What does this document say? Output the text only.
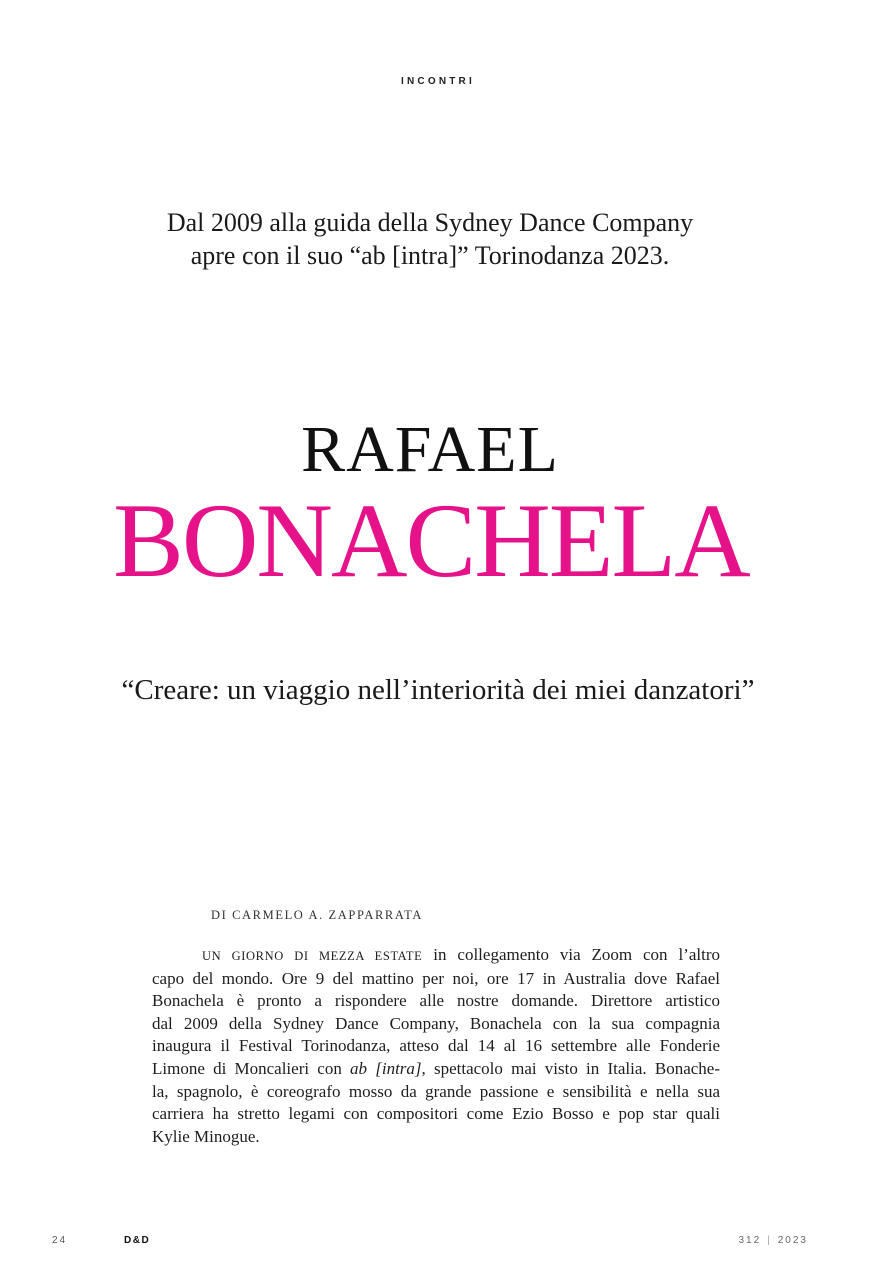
INCONTRI
Dal 2009 alla guida della Sydney Dance Company
apre con il suo “ab [intra]” Torinodanza 2023.
RAFAEL
BONACHELA
“Creare: un viaggio nell’interiorità dei miei danzatori”
DI CARMELO A. ZAPPARRATA
UN GIORNO DI MEZZA ESTATE in collegamento via Zoom con l’altro
capo del mondo. Ore 9 del mattino per noi, ore 17 in Australia dove Rafael
Bonachela è pronto a rispondere alle nostre domande. Direttore artistico
dal 2009 della Sydney Dance Company, Bonachela con la sua compagnia
inaugura il Festival Torinodanza, atteso dal 14 al 16 settembre alle Fonderie
Limone di Moncalieri con ab [intra], spettacolo mai visto in Italia. Bonache-
la, spagnolo, è coreografo mosso da grande passione e sensibilità e nella sua
carriera ha stretto legami con compositori come Ezio Bosso e pop star quali
Kylie Minogue.
24	D&D	312 | 2023
